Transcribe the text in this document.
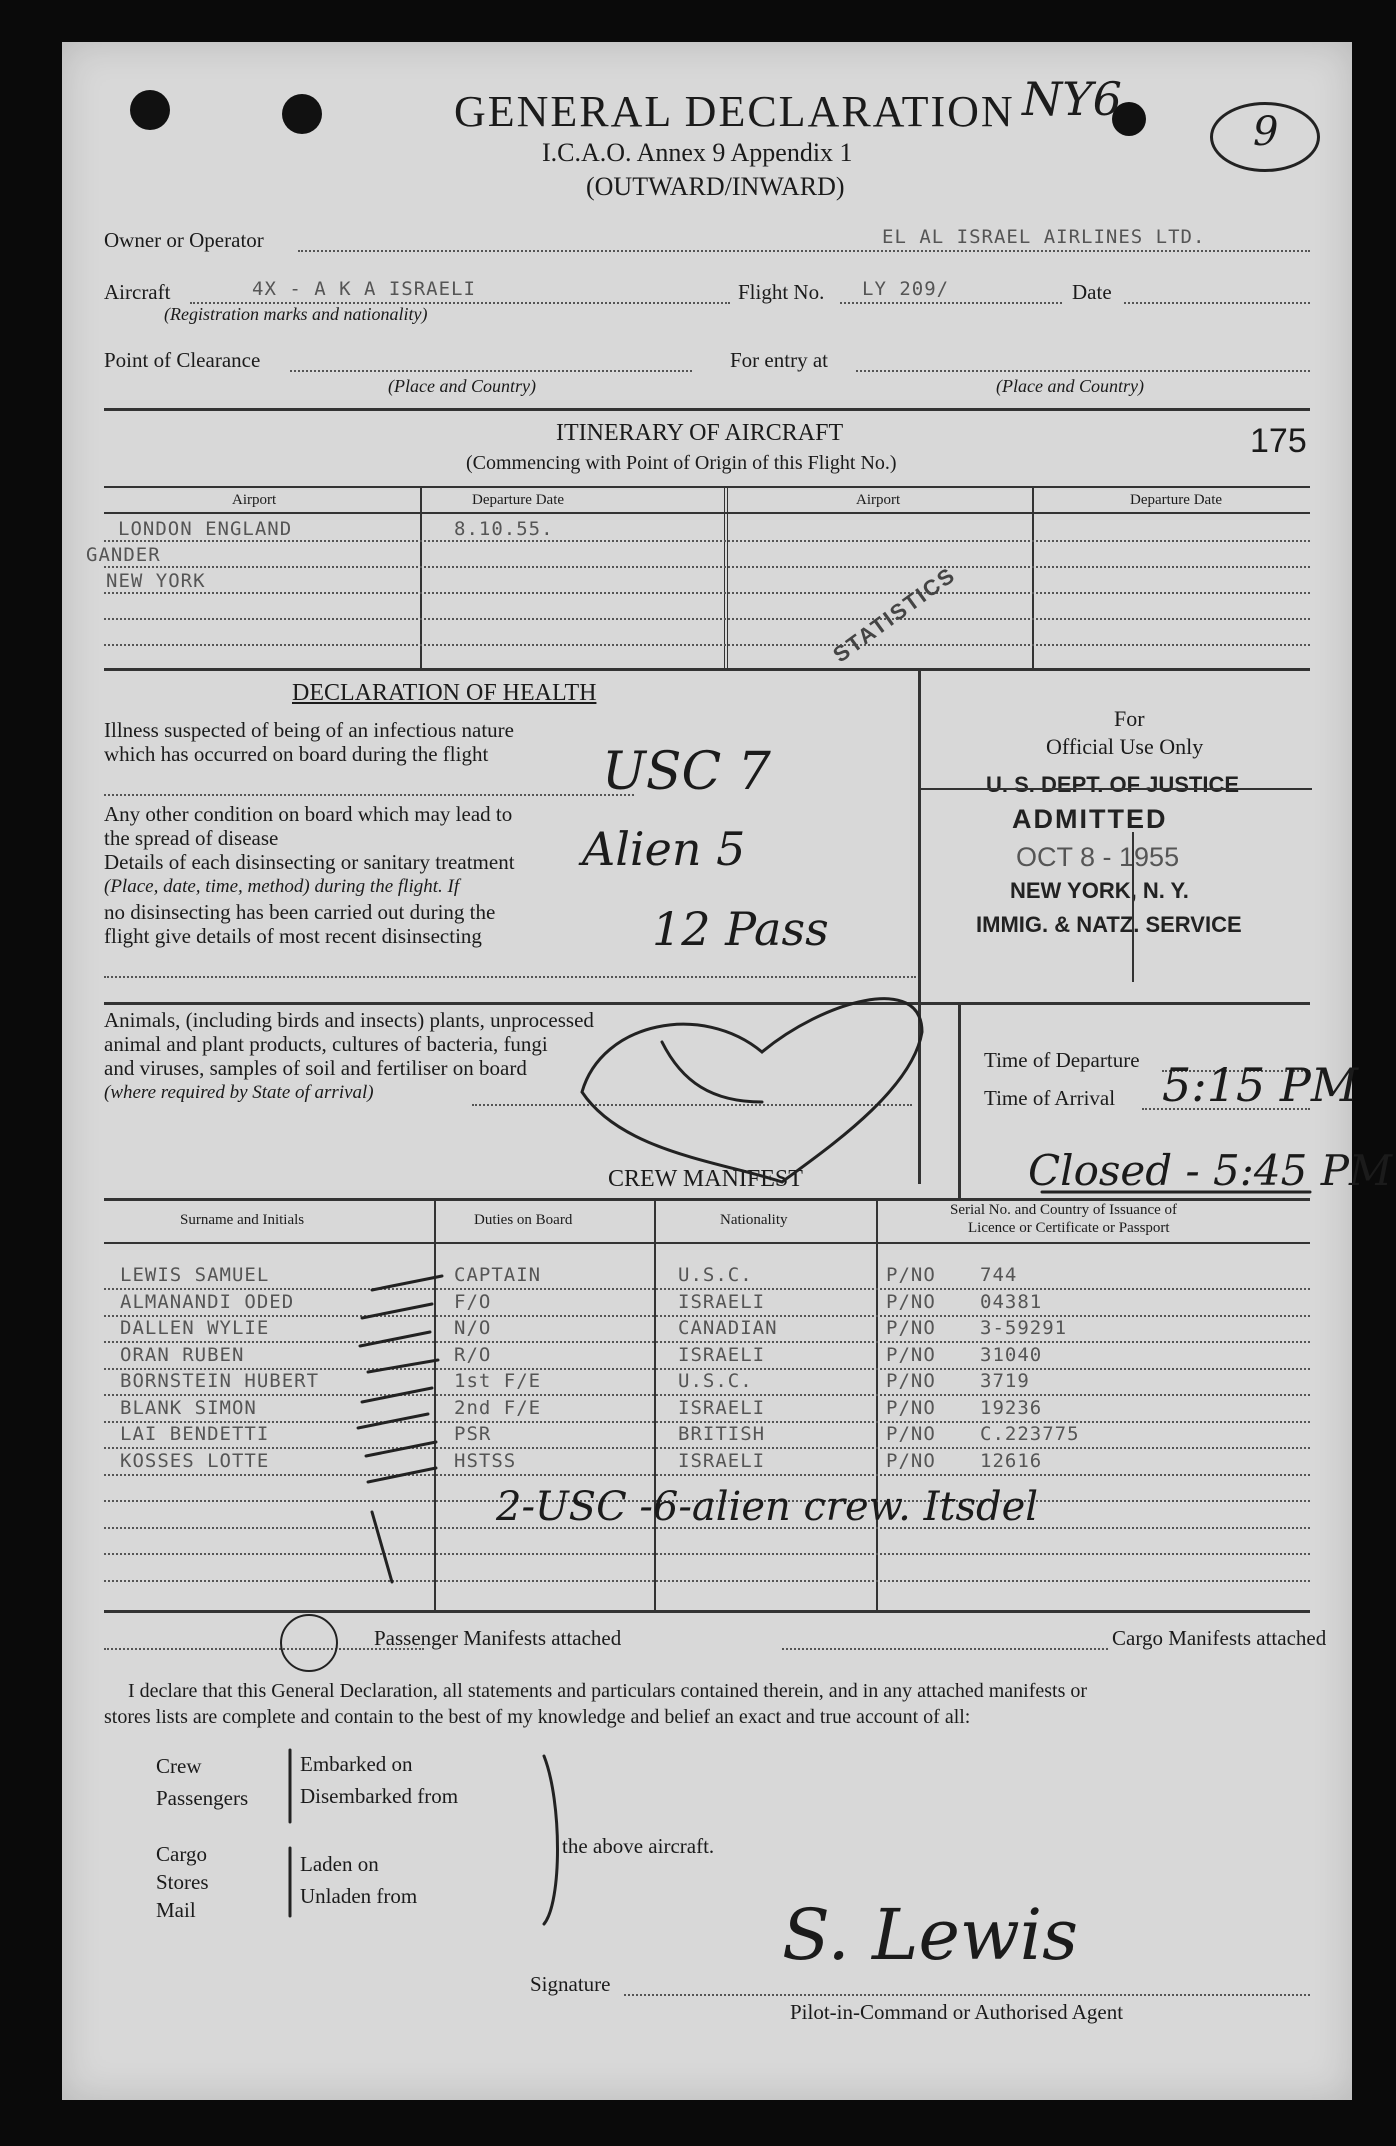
GENERAL DECLARATION
I.C.A.O. Annex 9 Appendix 1
(OUTWARD/INWARD)
NY6
9
Owner or Operator	EL AL ISRAEL AIRLINES LTD.
Aircraft	4X - A K A ISRAELI
(Registration marks and nationality)
Flight No. LY 209/	Date
Point of Clearance
(Place and Country)
For entry at
(Place and Country)
ITINERARY OF AIRCRAFT
(Commencing with Point of Origin of this Flight No.)
175
Airport	Departure Date	Airport	Departure Date
LONDON ENGLAND	8.10.55.
GANDER
NEW YORK	STATISTICS
DECLARATION OF HEALTH
Illness suspected of being of an infectious nature
which has occurred on board during the flight
Any other condition on board which may lead to
the spread of disease
Details of each disinsecting or sanitary treatment
(Place, date, time, method) during the flight. If
no disinsecting has been carried out during the
flight give details of most recent disinsecting
USC 7
Alien 5
12 Pass
For
Official Use Only
U. S. DEPT. OF JUSTICE
ADMITTED
OCT 8 - 1955
NEW YORK, N. Y.
IMMIG. & NATZ. SERVICE
Animals, (including birds and insects) plants, unprocessed
animal and plant products, cultures of bacteria, fungi
and viruses, samples of soil and fertiliser on board
(where required by State of arrival)
Time of Departure
Time of Arrival 5:15 PM
CREW MANIFEST	Closed - 5:45 PM
Surname and Initials	Duties on Board	Nationality
Serial No. and Country of Issuance of
Licence or Certificate or Passport
LEWIS SAMUEL	CAPTAIN	U.S.C.	P/NO 744
ALMANANDI ODED	F/O	ISRAELI	P/NO 04381
DALLEN WYLIE	N/O	CANADIAN	P/NO 3-59291
ORAN RUBEN	R/O	ISRAELI	P/NO 31040
BORNSTEIN HUBERT	1st F/E	U.S.C.	P/NO 3719
BLANK SIMON	2nd F/E	ISRAELI	P/NO 19236
LAI BENDETTI	PSR	BRITISH	P/NO C.223775
KOSSES LOTTE	HSTSS	ISRAELI	P/NO 12616
2-USC -6-alien crew. Itsdel
Passenger Manifests attached	Cargo Manifests attached
I declare that this General Declaration, all statements and particulars contained therein, and in any attached manifests or
stores lists are complete and contain to the best of my knowledge and belief an exact and true account of all:
Crew
Passengers
Embarked on
Disembarked from
Cargo
Stores
Mail
Laden on
Unladen from
the above aircraft.
Signature
S. Lewis
Pilot-in-Command or Authorised Agent
